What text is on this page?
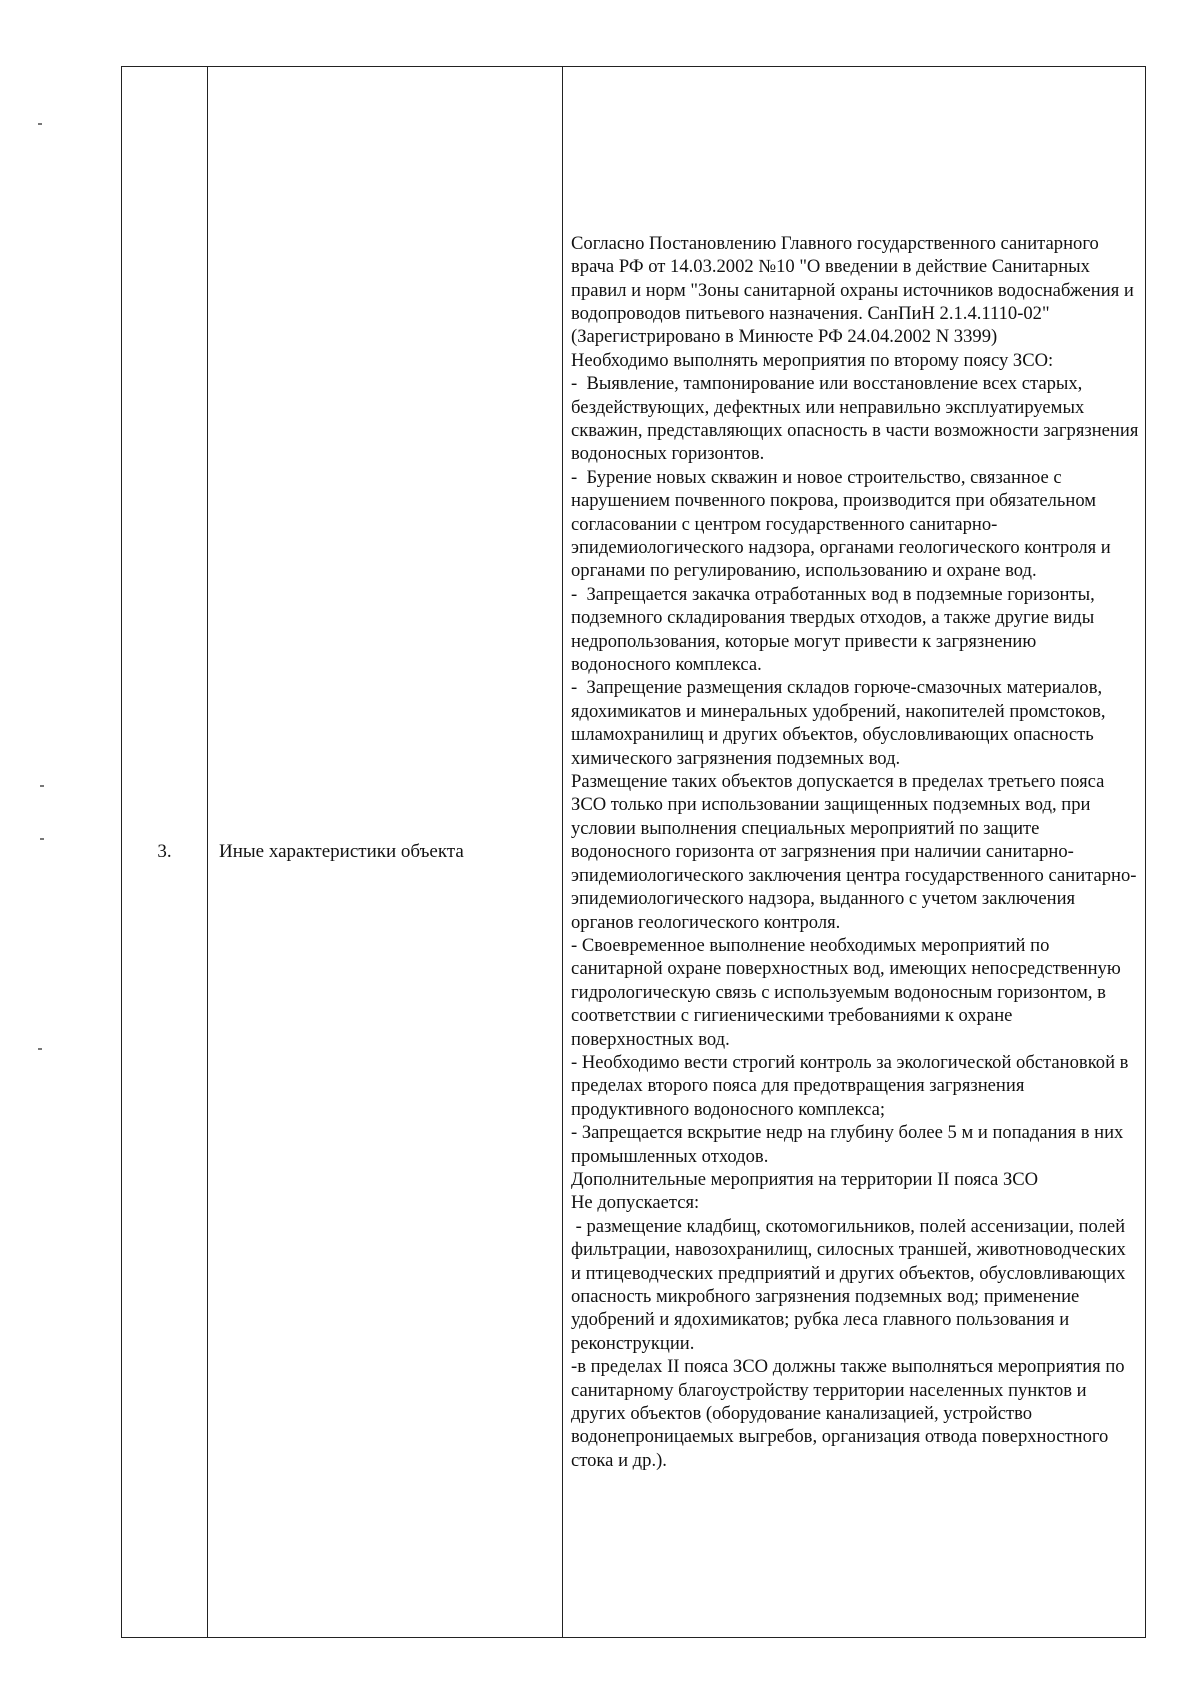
3.	Иные характеристики объекта	

Согласно Постановлению Главного государственного санитарного врача РФ от 14.03.2002 №10 "О введении в действие Санитарных правил и норм "Зоны санитарной охраны источников водоснабжения и водопроводов питьевого назначения. СанПиН 2.1.4.1110-02" (Зарегистрировано в Минюсте РФ 24.04.2002 N 3399)

Необходимо выполнять мероприятия по второму поясу ЗСО:

-  Выявление, тампонирование или восстановление всех старых, бездействующих, дефектных или неправильно эксплуатируемых скважин, представляющих опасность в части возможности загрязнения водоносных горизонтов.

-  Бурение новых скважин и новое строительство, связанное с нарушением почвенного покрова, производится при обязательном согласовании с центром государственного санитарно-эпидемиологического надзора, органами геологического контроля и органами по регулированию, использованию и охране вод.

-  Запрещается закачка отработанных вод в подземные горизонты, подземного складирования твердых отходов, а также другие виды недропользования, которые могут привести к загрязнению водоносного комплекса.

-  Запрещение размещения складов горюче-смазочных материалов, ядохимикатов и минеральных удобрений, накопителей промстоков, шламохранилищ и других объектов, обусловливающих опасность химического загрязнения подземных вод.

Размещение таких объектов допускается в пределах третьего пояса ЗСО только при использовании защищенных подземных вод, при условии выполнения специальных мероприятий по защите водоносного горизонта от загрязнения при наличии санитарно-эпидемиологического заключения центра государственного санитарно-эпидемиологического надзора, выданного с учетом заключения органов геологического контроля.

- Своевременное выполнение необходимых мероприятий по санитарной охране поверхностных вод, имеющих непосредственную гидрологическую связь с используемым водоносным горизонтом, в соответствии с гигиеническими требованиями к охране поверхностных вод.

- Необходимо вести строгий контроль за экологической обстановкой в пределах второго пояса для предотвращения загрязнения продуктивного водоносного комплекса;

- Запрещается вскрытие недр на глубину более 5 м и попадания в них промышленных отходов.

Дополнительные мероприятия на территории II пояса ЗСО

Не допускается:

- размещение кладбищ, скотомогильников, полей ассенизации, полей фильтрации, навозохранилищ, силосных траншей, животноводческих и птицеводческих предприятий и других объектов, обусловливающих опасность микробного загрязнения подземных вод; применение удобрений и ядохимикатов; рубка леса главного пользования и реконструкции.

-в пределах II пояса ЗСО должны также выполняться мероприятия по санитарному благоустройству территории населенных пунктов и других объектов (оборудование канализацией, устройство водонепроницаемых выгребов, организация отвода поверхностного стока и др.).
